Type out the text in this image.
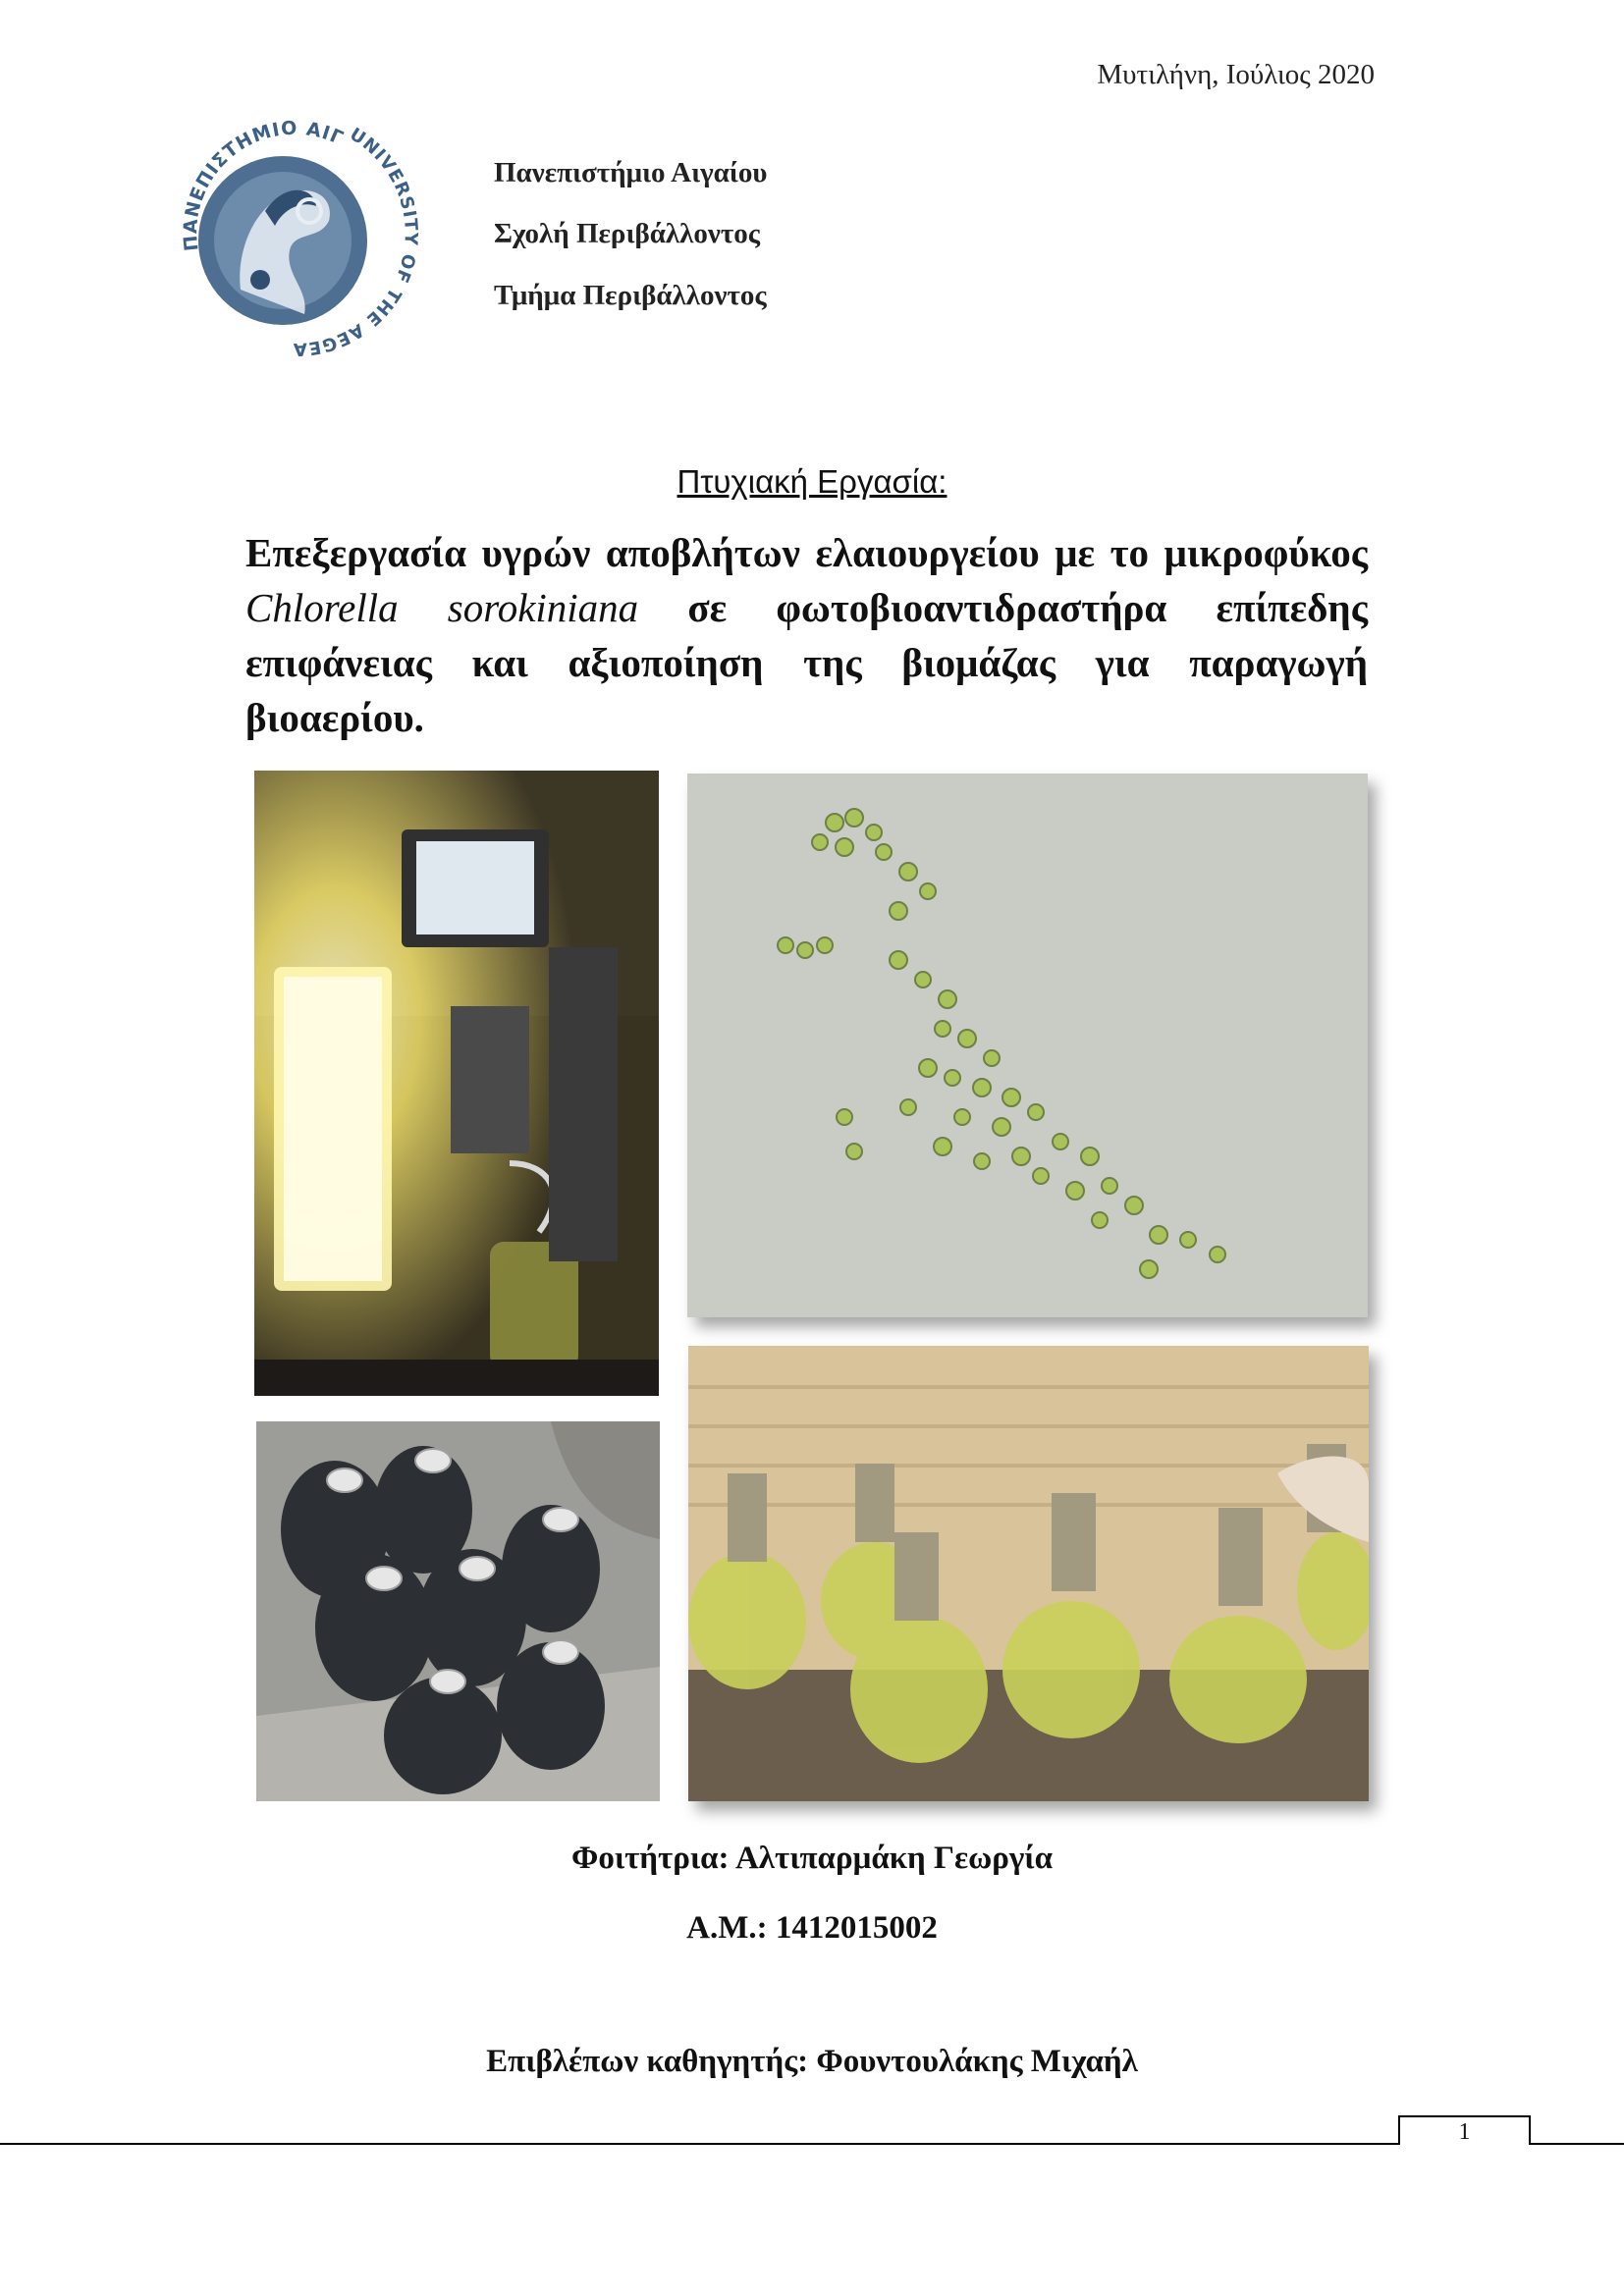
Μυτιλήνη, Ιούλιος 2020
ΠΑΝΕΠΙΣΤΗΜΙΟ ΑΙΓ UNIVERSITY OF THE AEGEA
Πανεπιστήμιο Αιγαίου
Σχολή Περιβάλλοντος
Τμήμα Περιβάλλοντος
Πτυχιακή Εργασία:
Επεξεργασία υγρών αποβλήτων ελαιουργείου με το μικροφύκος Chlorella sorokiniana σε φωτοβιοαντιδραστήρα επίπεδης επιφάνειας και αξιοποίηση της βιομάζας για παραγωγή βιοαερίου.
Φοιτήτρια: Αλτιπαρμάκη Γεωργία
Α.Μ.: 1412015002
Επιβλέπων καθηγητής: Φουντουλάκης Μιχαήλ
1
